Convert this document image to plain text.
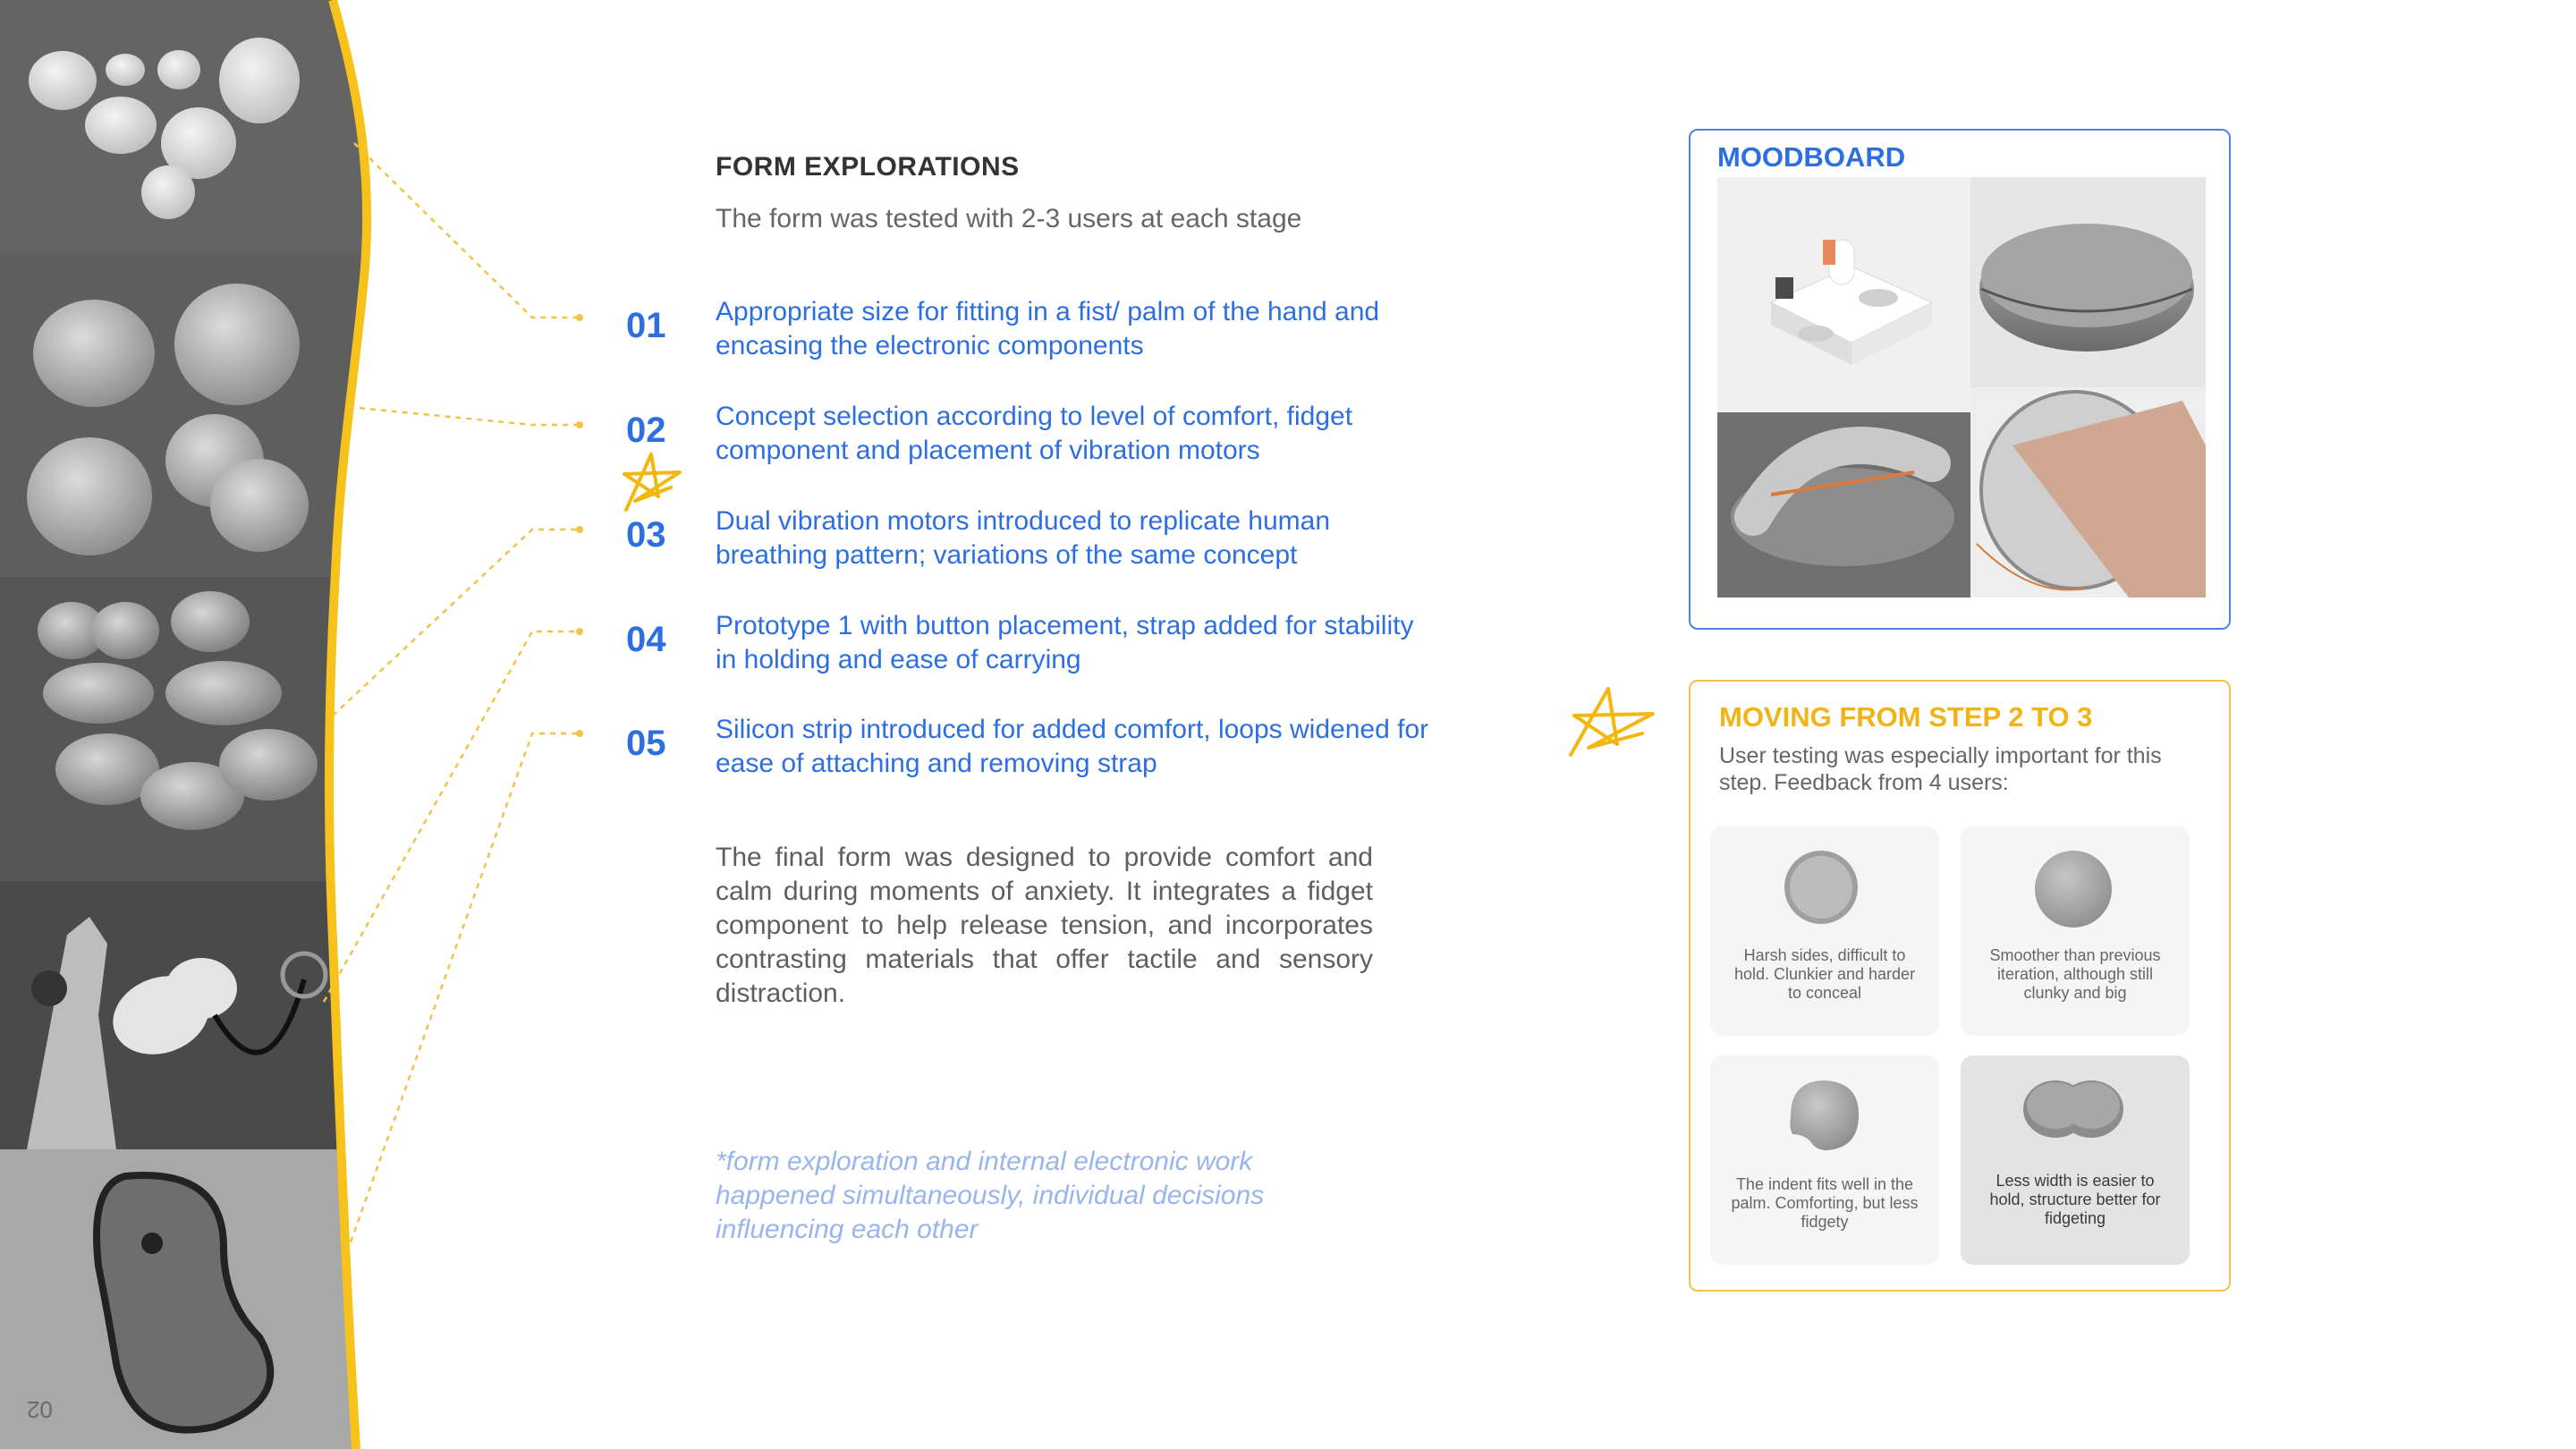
02
FORM EXPLORATIONS
The form was tested with 2-3 users at each stage
01 Appropriate size for fitting in a fist/ palm of the hand and encasing the electronic components
02 Concept selection according to level of comfort, fidget component and placement of vibration motors
03 Dual vibration motors introduced to replicate human breathing pattern; variations of the same concept
04 Prototype 1 with button placement, strap added for stability in holding and ease of carrying
05 Silicon strip introduced for added comfort, loops widened for ease of attaching and removing strap
The final form was designed to provide comfort and calm during moments of anxiety. It integrates a fidget component to help release tension, and incorporates contrasting materials that offer tactile and sensory distraction.
*form exploration and internal electronic work happened simultaneously, individual decisions influencing each other
MOODBOARD
MOVING FROM STEP 2 TO 3
User testing was especially important for this step. Feedback from 4 users:
Harsh sides, difficult to hold. Clunkier and harder to conceal
Smoother than previous iteration, although still clunky and big
The indent fits well in the palm. Comforting, but less fidgety
Less width is easier to hold, structure better for fidgeting
